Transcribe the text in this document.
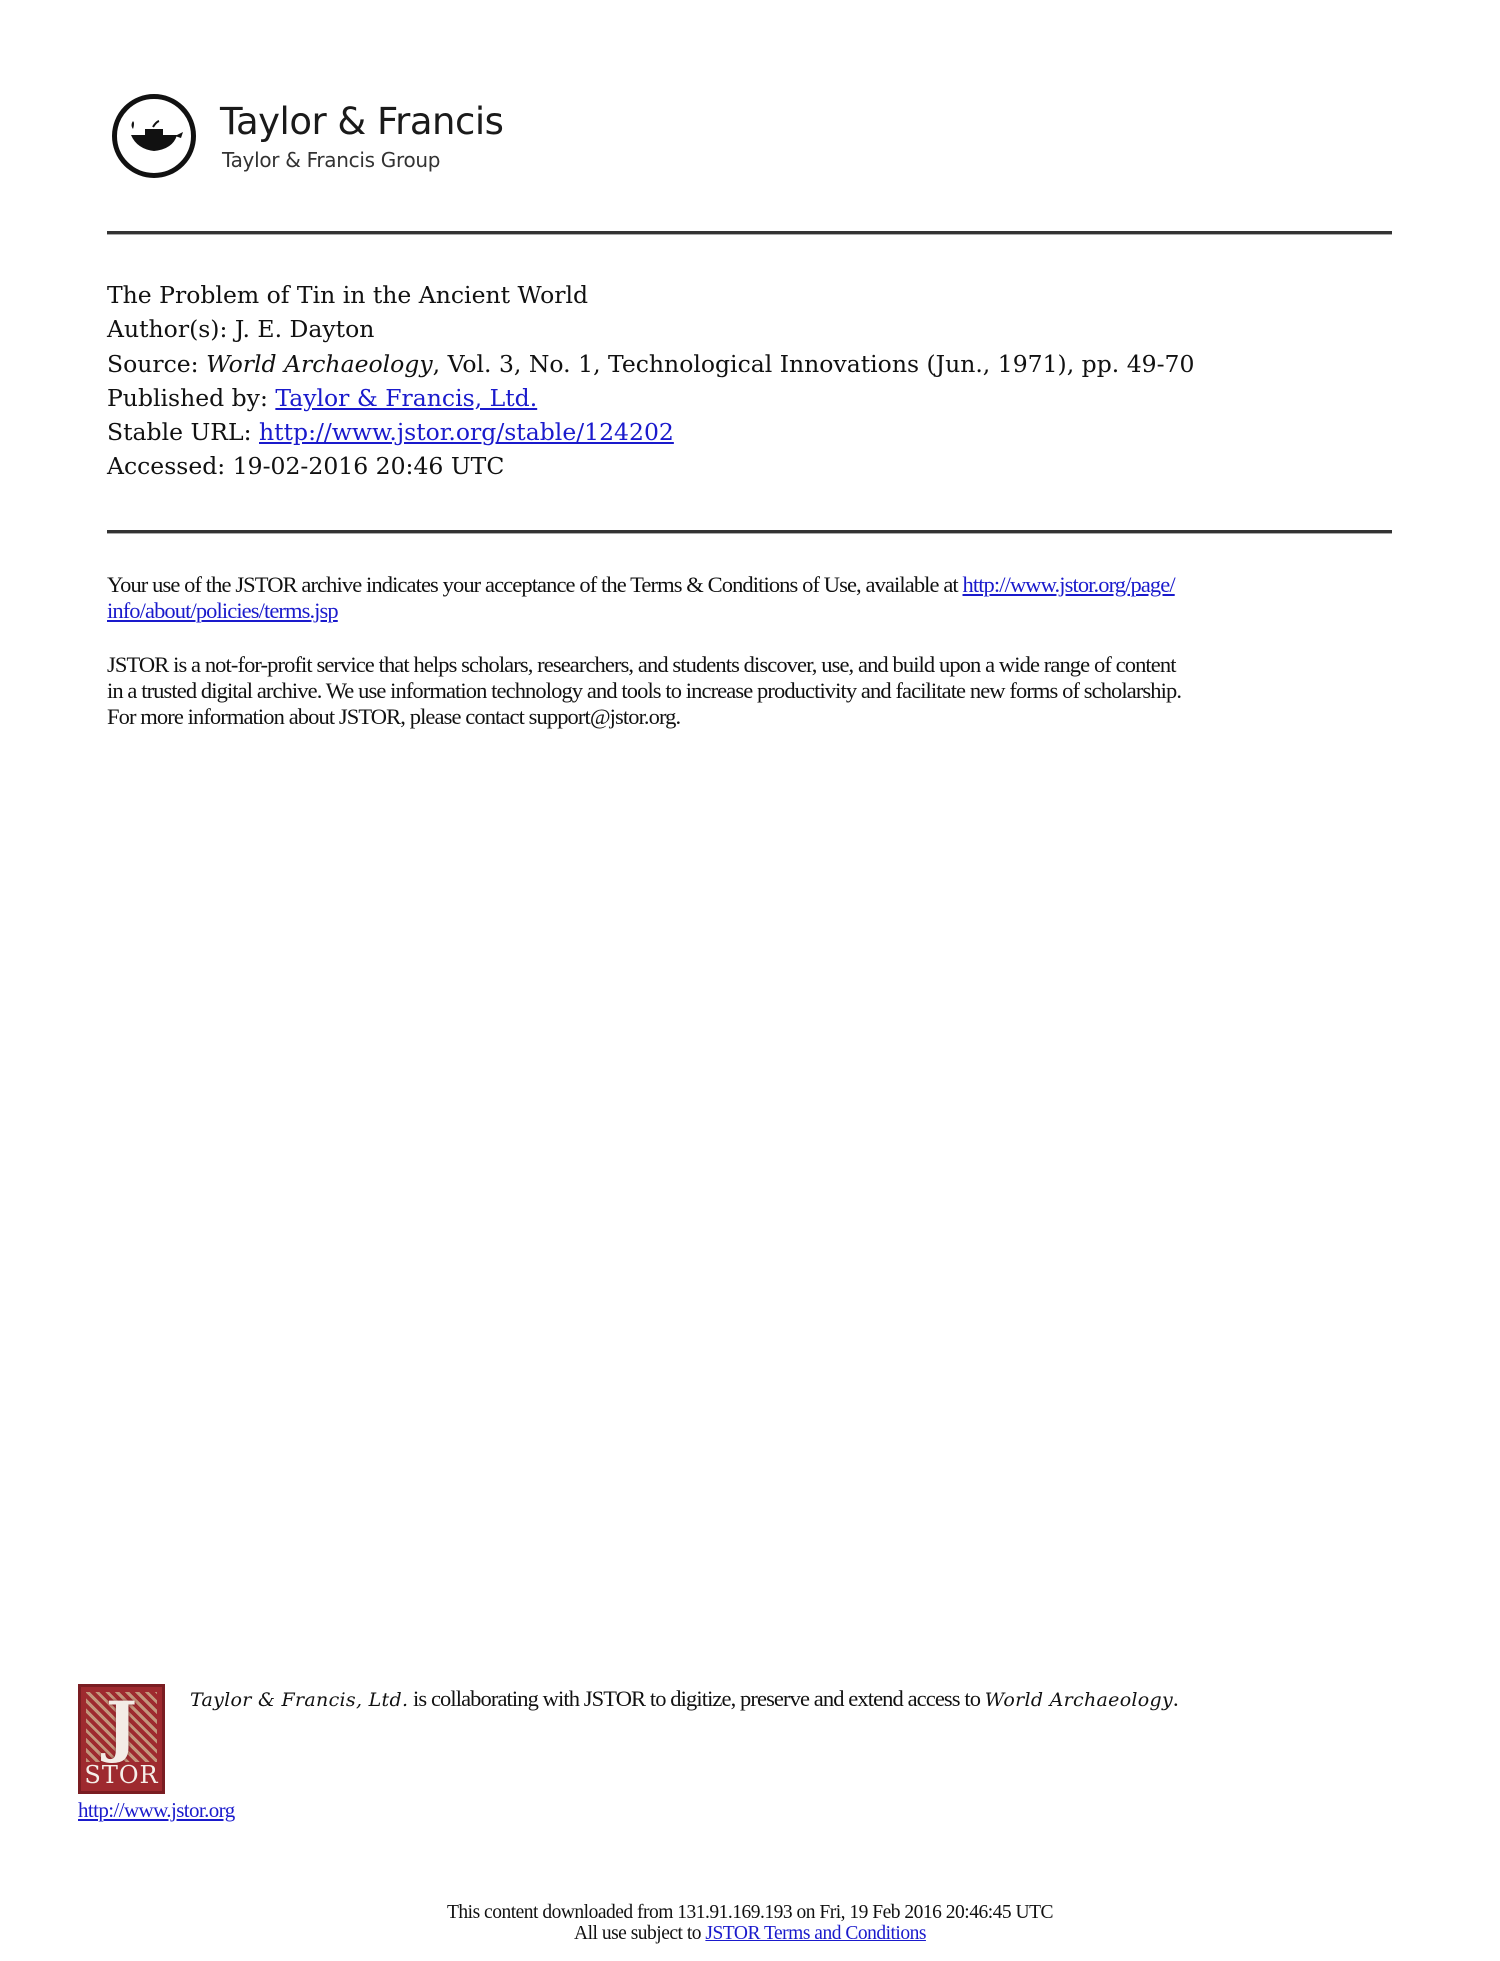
Taylor & Francis
Taylor & Francis Group
The Problem of Tin in the Ancient World
Author(s): J. E. Dayton
Source: World Archaeology, Vol. 3, No. 1, Technological Innovations (Jun., 1971), pp. 49-70
Published by: Taylor & Francis, Ltd.
Stable URL: http://www.jstor.org/stable/124202
Accessed: 19-02-2016 20:46 UTC
Your use of the JSTOR archive indicates your acceptance of the Terms & Conditions of Use, available at http://www.jstor.org/page/
info/about/policies/terms.jsp
JSTOR is a not-for-profit service that helps scholars, researchers, and students discover, use, and build upon a wide range of content
in a trusted digital archive. We use information technology and tools to increase productivity and facilitate new forms of scholarship.
For more information about JSTOR, please contact support@jstor.org.
J
STOR
Taylor & Francis, Ltd. is collaborating with JSTOR to digitize, preserve and extend access to World Archaeology.
http://www.jstor.org
This content downloaded from 131.91.169.193 on Fri, 19 Feb 2016 20:46:45 UTC
All use subject to JSTOR Terms and Conditions
